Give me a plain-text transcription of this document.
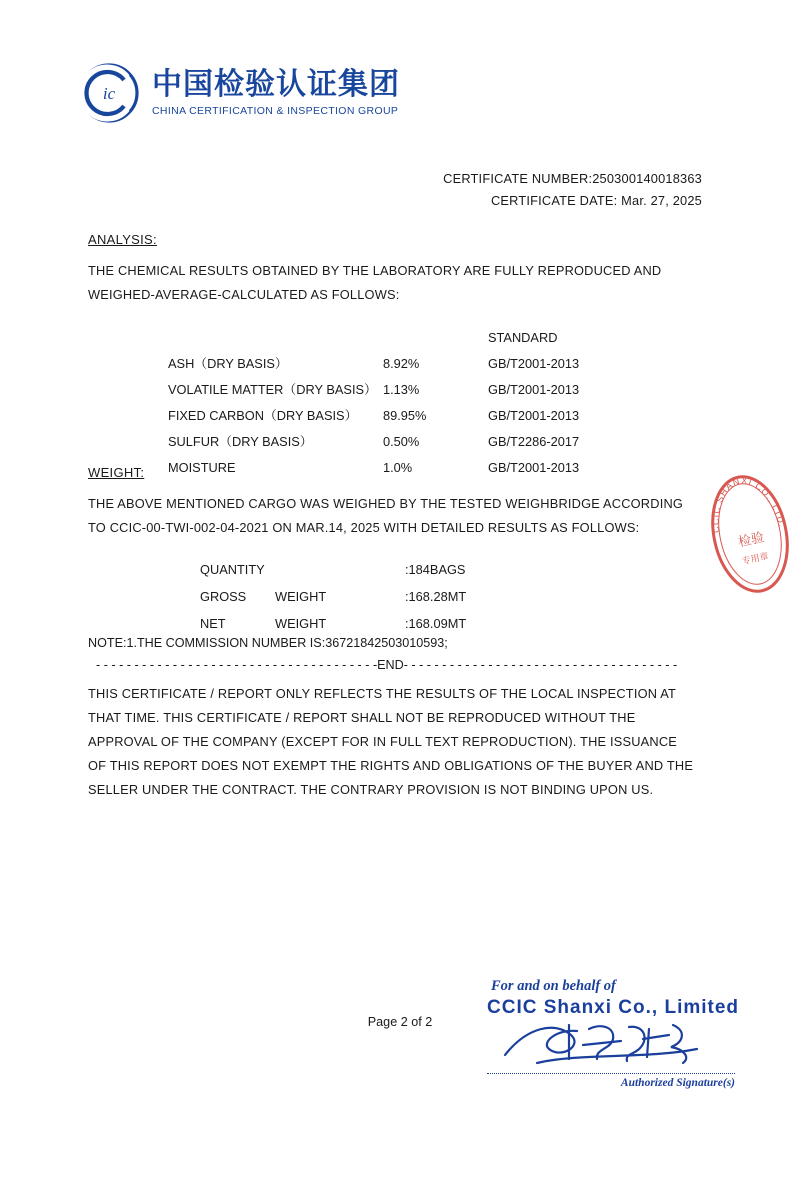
ic 中国检验认证集团
CHINA CERTIFICATION & INSPECTION GROUP
CERTIFICATE NUMBER:250300140018363
CERTIFICATE DATE: Mar. 27, 2025
ANALYSIS:

THE CHEMICAL RESULTS OBTAINED BY THE LABORATORY ARE FULLY REPRODUCED AND

WEIGHED-AVERAGE-CALCULATED AS FOLLOWS:

		STANDARD
ASH（DRY BASIS）	8.92%	GB/T2001-2013
VOLATILE MATTER（DRY BASIS）	1.13%	GB/T2001-2013
FIXED CARBON（DRY BASIS）	89.95%	GB/T2001-2013
SULFUR（DRY BASIS）	0.50%	GB/T2286-2017
MOISTURE	1.0%	GB/T2001-2013
WEIGHT:

THE ABOVE MENTIONED CARGO WAS WEIGHED BY THE TESTED WEIGHBRIDGE ACCORDING

TO CCIC-00-TWI-002-04-2021 ON MAR.14, 2025 WITH DETAILED RESULTS AS FOLLOWS:

QUANTITY		:184BAGS
GROSS	WEIGHT	:168.28MT
NET	WEIGHT	:168.09MT
NOTE:1.THE COMMISSION NUMBER IS:36721842503010593;
- - - - - - - - - - - - - - - - - - - - - - - - - - - - - - - - - - - - -END- - - - - - - - - - - - - - - - - - - - - - - - - - - - - - - - - - - -

THIS CERTIFICATE / REPORT ONLY REFLECTS THE RESULTS OF THE LOCAL INSPECTION AT

THAT TIME. THIS CERTIFICATE / REPORT SHALL NOT BE REPRODUCED WITHOUT THE

APPROVAL OF THE COMPANY (EXCEPT FOR IN FULL TEXT REPRODUCTION). THE ISSUANCE

OF THIS REPORT DOES NOT EXEMPT THE RIGHTS AND OBLIGATIONS OF THE BUYER AND THE

SELLER UNDER THE CONTRACT. THE CONTRARY PROVISION IS NOT BINDING UPON US.

CCIC SHANXI CO., LTD.
检验
专用章
Page 2 of 2
For and on behalf of
CCIC Shanxi Co., Limited
Authorized Signature(s)
